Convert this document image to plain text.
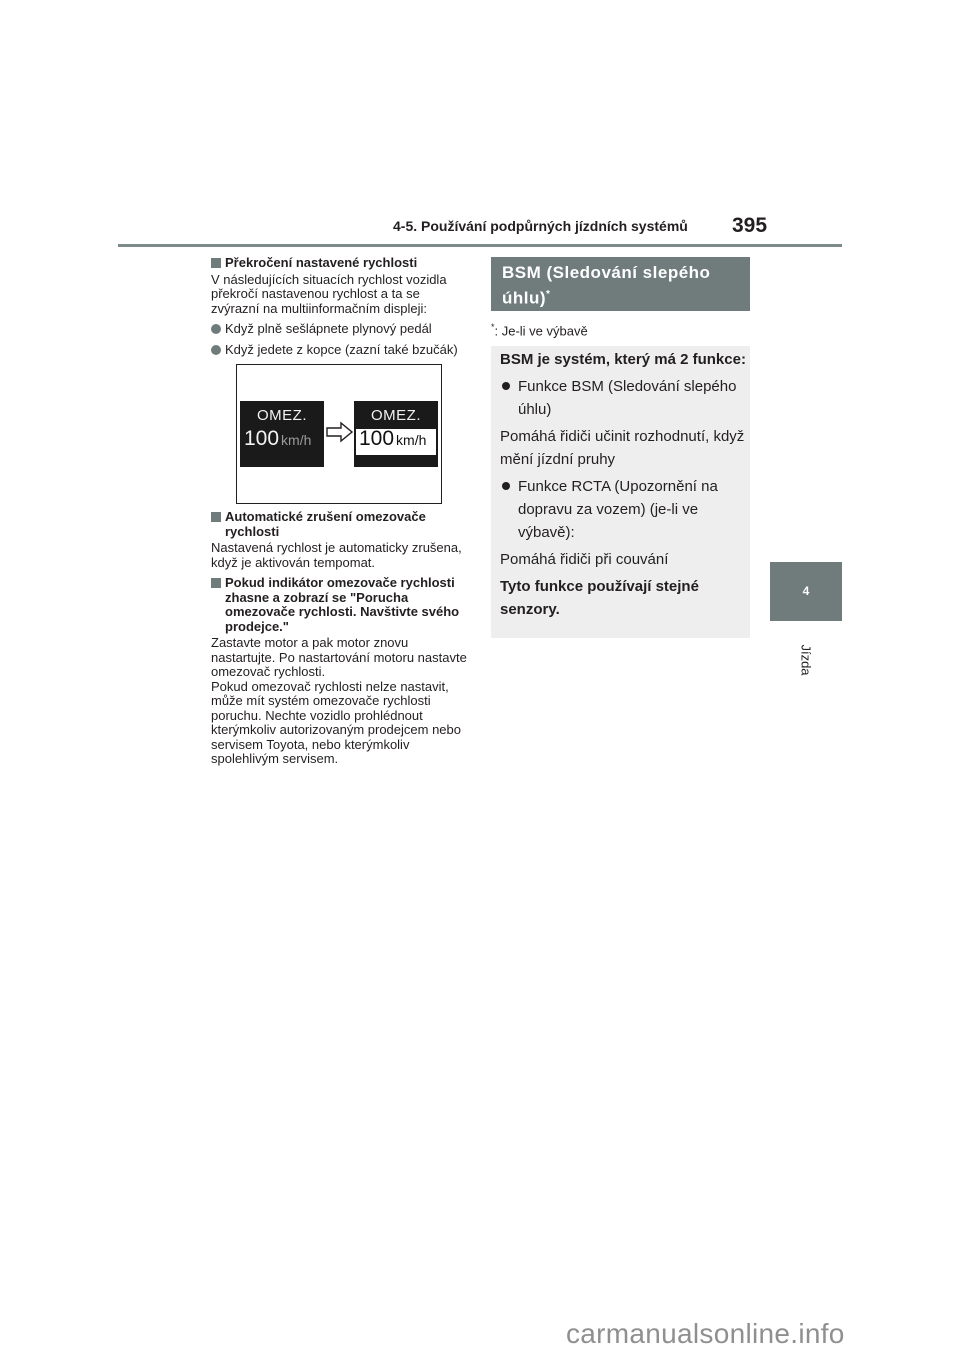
4-5. Používání podpůrných jízdních systémů 395
4
Jízda
Překročení nastavené rychlosti

V následujících situacích rychlost vozidla překročí nastavenou rychlost a ta se zvýrazní na multiinformačním displeji:

Když plně sešlápnete plynový pedál
Když jedete z kopce (zazní také bzučák)
OMEZ.
100 km/h
OMEZ.
100 km/h
Automatické zrušení omezovače rychlosti

Nastavená rychlost je automaticky zrušena, když je aktivován tempomat.

Pokud indikátor omezovače rychlosti zhasne a zobrazí se "Porucha omezovače rychlosti. Navštivte svého prodejce."

Zastavte motor a pak motor znovu nastartujte. Po nastartování motoru nastavte omezovač rychlosti.

Pokud omezovač rychlosti nelze nastavit, může mít systém omezovače rychlosti poruchu. Nechte vozidlo prohlédnout kterýmkoliv autorizovaným prodejcem nebo servisem Toyota, nebo kterýmkoliv spolehlivým servisem.

BSM (Sledování slepého úhlu)*
*: Je-li ve výbavě
BSM je systém, který má 2 funkce:
Funkce BSM (Sledování slepého úhlu)
Pomáhá řidiči učinit rozhodnutí, když mění jízdní pruhy
Funkce RCTA (Upozornění na dopravu za vozem) (je-li ve výbavě):
Pomáhá řidiči při couvání
Tyto funkce používají stejné senzory.
carmanualsonline.info
